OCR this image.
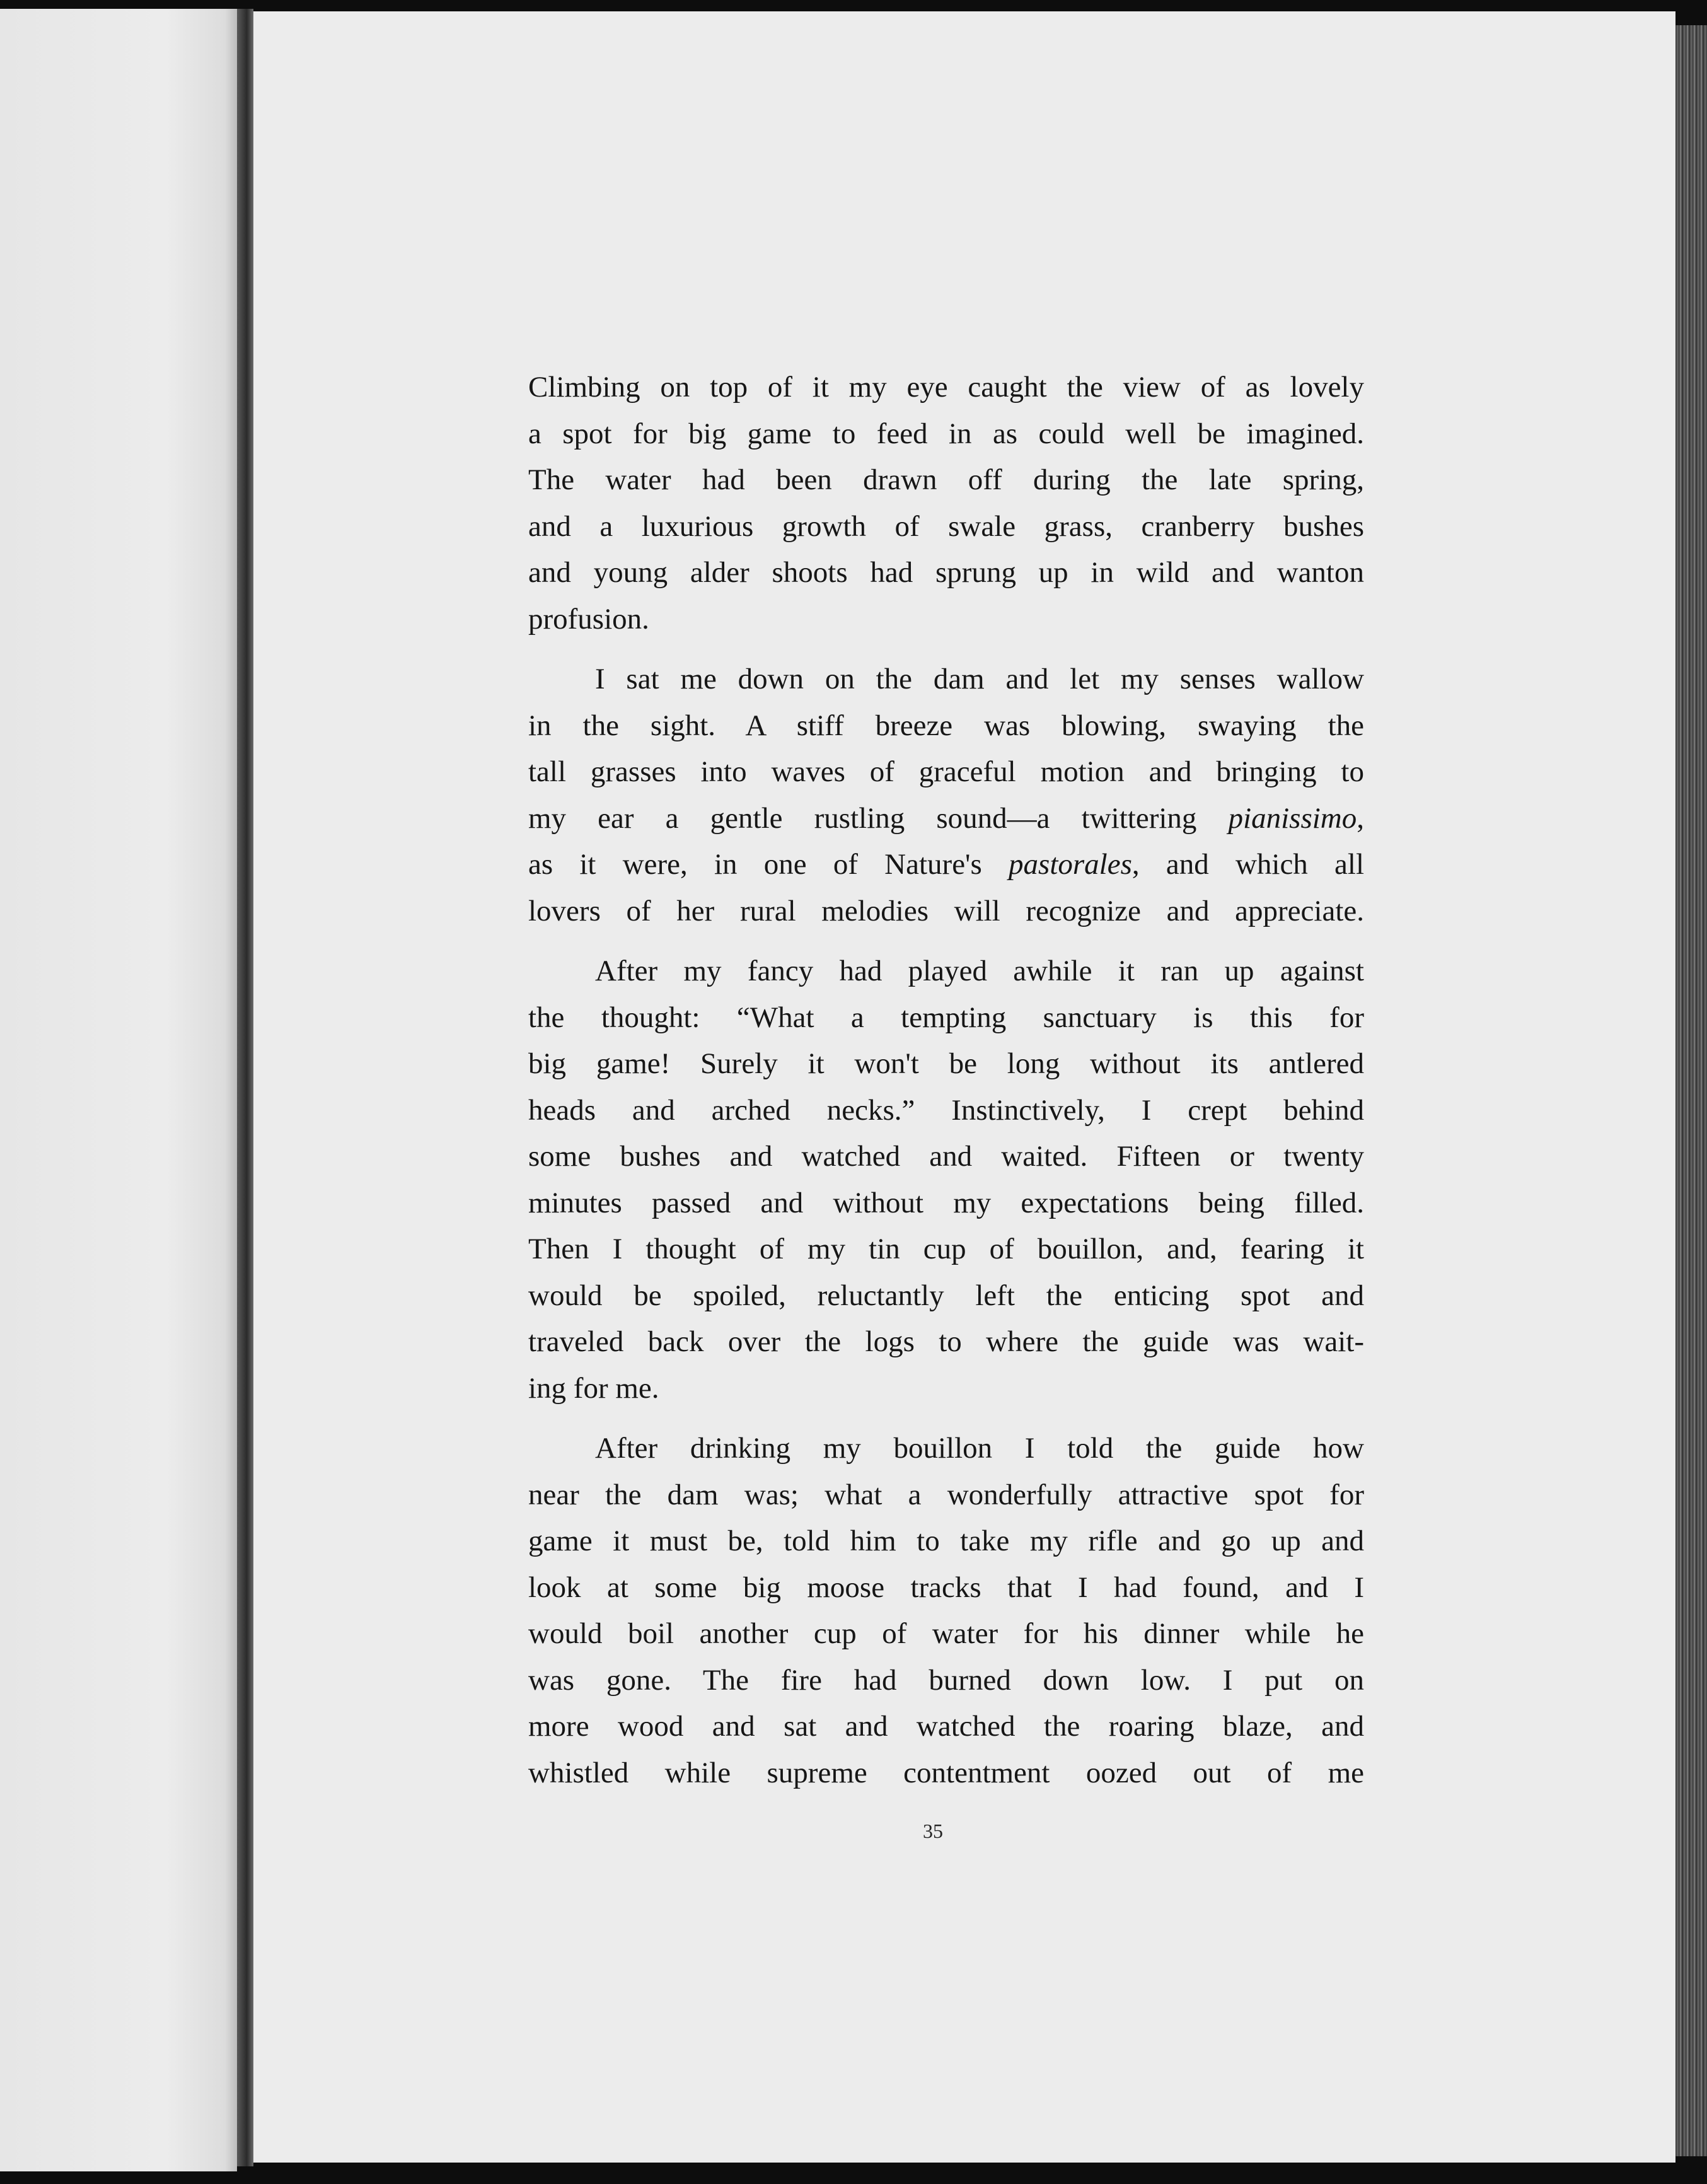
Climbing on top of it my eye caught the view of as lovely
a spot for big game to feed in as could well be imagined.
The water had been drawn off during the late spring,
and a luxurious growth of swale grass, cranberry bushes
and young alder shoots had sprung up in wild and wanton
profusion.

I sat me down on the dam and let my senses wallow
in the sight. A stiff breeze was blowing, swaying the
tall grasses into waves of graceful motion and bringing to
my ear a gentle rustling sound—a twittering pianissimo,
as it were, in one of Nature's pastorales, and which all
lovers of her rural melodies will recognize and appreciate.

After my fancy had played awhile it ran up against
the thought: “What a tempting sanctuary is this for
big game! Surely it won't be long without its antlered
heads and arched necks.” Instinctively, I crept behind
some bushes and watched and waited. Fifteen or twenty
minutes passed and without my expectations being filled.
Then I thought of my tin cup of bouillon, and, fearing it
would be spoiled, reluctantly left the enticing spot and
traveled back over the logs to where the guide was wait-
ing for me.

After drinking my bouillon I told the guide how
near the dam was; what a wonderfully attractive spot for
game it must be, told him to take my rifle and go up and
look at some big moose tracks that I had found, and I
would boil another cup of water for his dinner while he
was gone. The fire had burned down low. I put on
more wood and sat and watched the roaring blaze, and
whistled while supreme contentment oozed out of me

35
